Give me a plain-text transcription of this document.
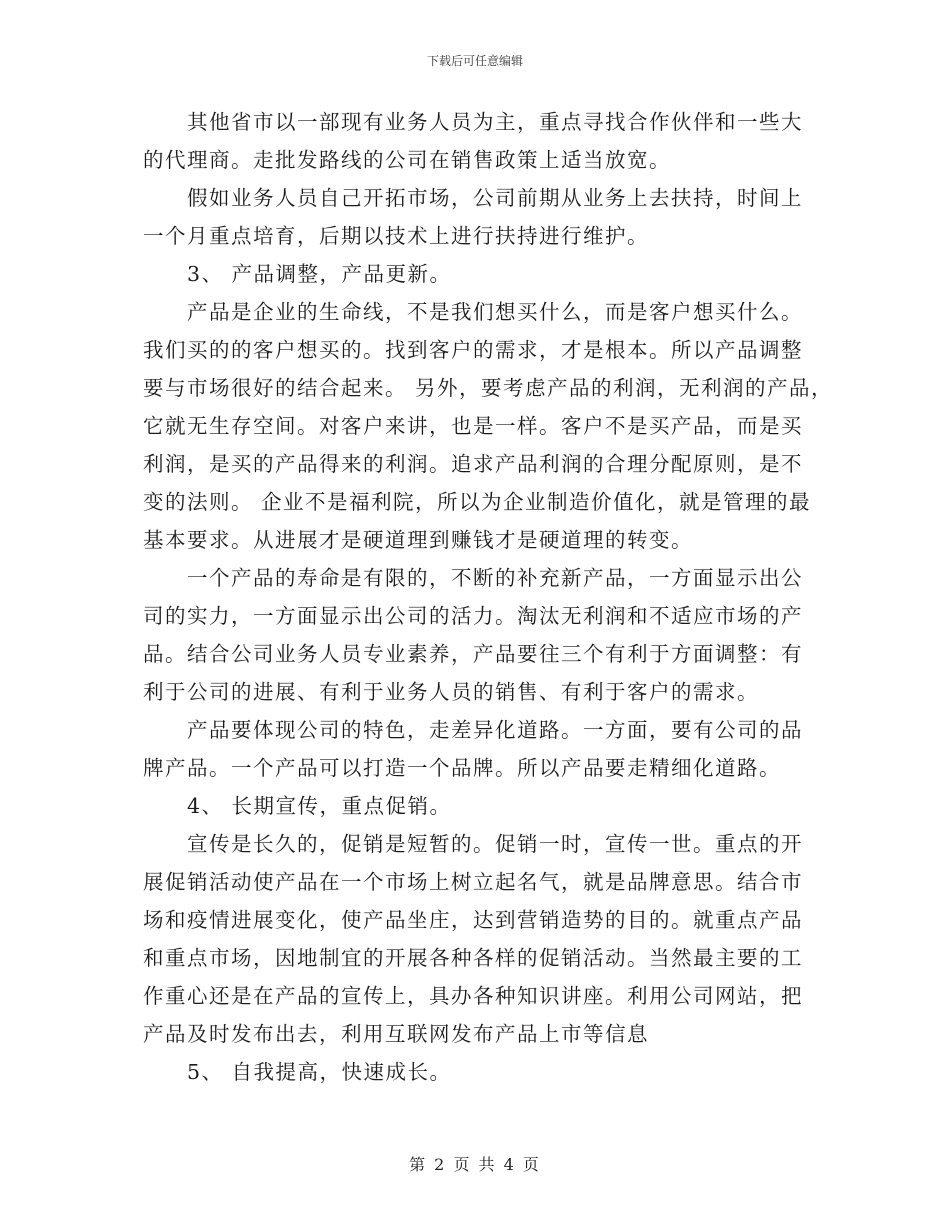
下载后可任意编辑
其他省市以一部现有业务人员为主，重点寻找合作伙伴和一些大
的代理商。走批发路线的公司在销售政策上适当放宽。
假如业务人员自己开拓市场，公司前期从业务上去扶持，时间上
一个月重点培育，后期以技术上进行扶持进行维护。
3、 产品调整，产品更新。
产品是企业的生命线，不是我们想买什么，而是客户想买什么。
我们买的的客户想买的。找到客户的需求，才是根本。所以产品调整
要与市场很好的结合起来。 另外，要考虑产品的利润，无利润的产品，
它就无生存空间。对客户来讲，也是一样。客户不是买产品，而是买
利润，是买的产品得来的利润。追求产品利润的合理分配原则，是不
变的法则。 企业不是福利院，所以为企业制造价值化，就是管理的最
基本要求。从进展才是硬道理到赚钱才是硬道理的转变。
一个产品的寿命是有限的，不断的补充新产品，一方面显示出公
司的实力，一方面显示出公司的活力。淘汰无利润和不适应市场的产
品。结合公司业务人员专业素养，产品要往三个有利于方面调整：有
利于公司的进展、有利于业务人员的销售、有利于客户的需求。
产品要体现公司的特色，走差异化道路。一方面，要有公司的品
牌产品。一个产品可以打造一个品牌。所以产品要走精细化道路。
4、 长期宣传，重点促销。
宣传是长久的，促销是短暂的。促销一时，宣传一世。重点的开
展促销活动使产品在一个市场上树立起名气，就是品牌意思。结合市
场和疫情进展变化，使产品坐庄，达到营销造势的目的。就重点产品
和重点市场，因地制宜的开展各种各样的促销活动。当然最主要的工
作重心还是在产品的宣传上，具办各种知识讲座。利用公司网站，把
产品及时发布出去，利用互联网发布产品上市等信息
5、 自我提高，快速成长。
第 2 页 共 4 页
